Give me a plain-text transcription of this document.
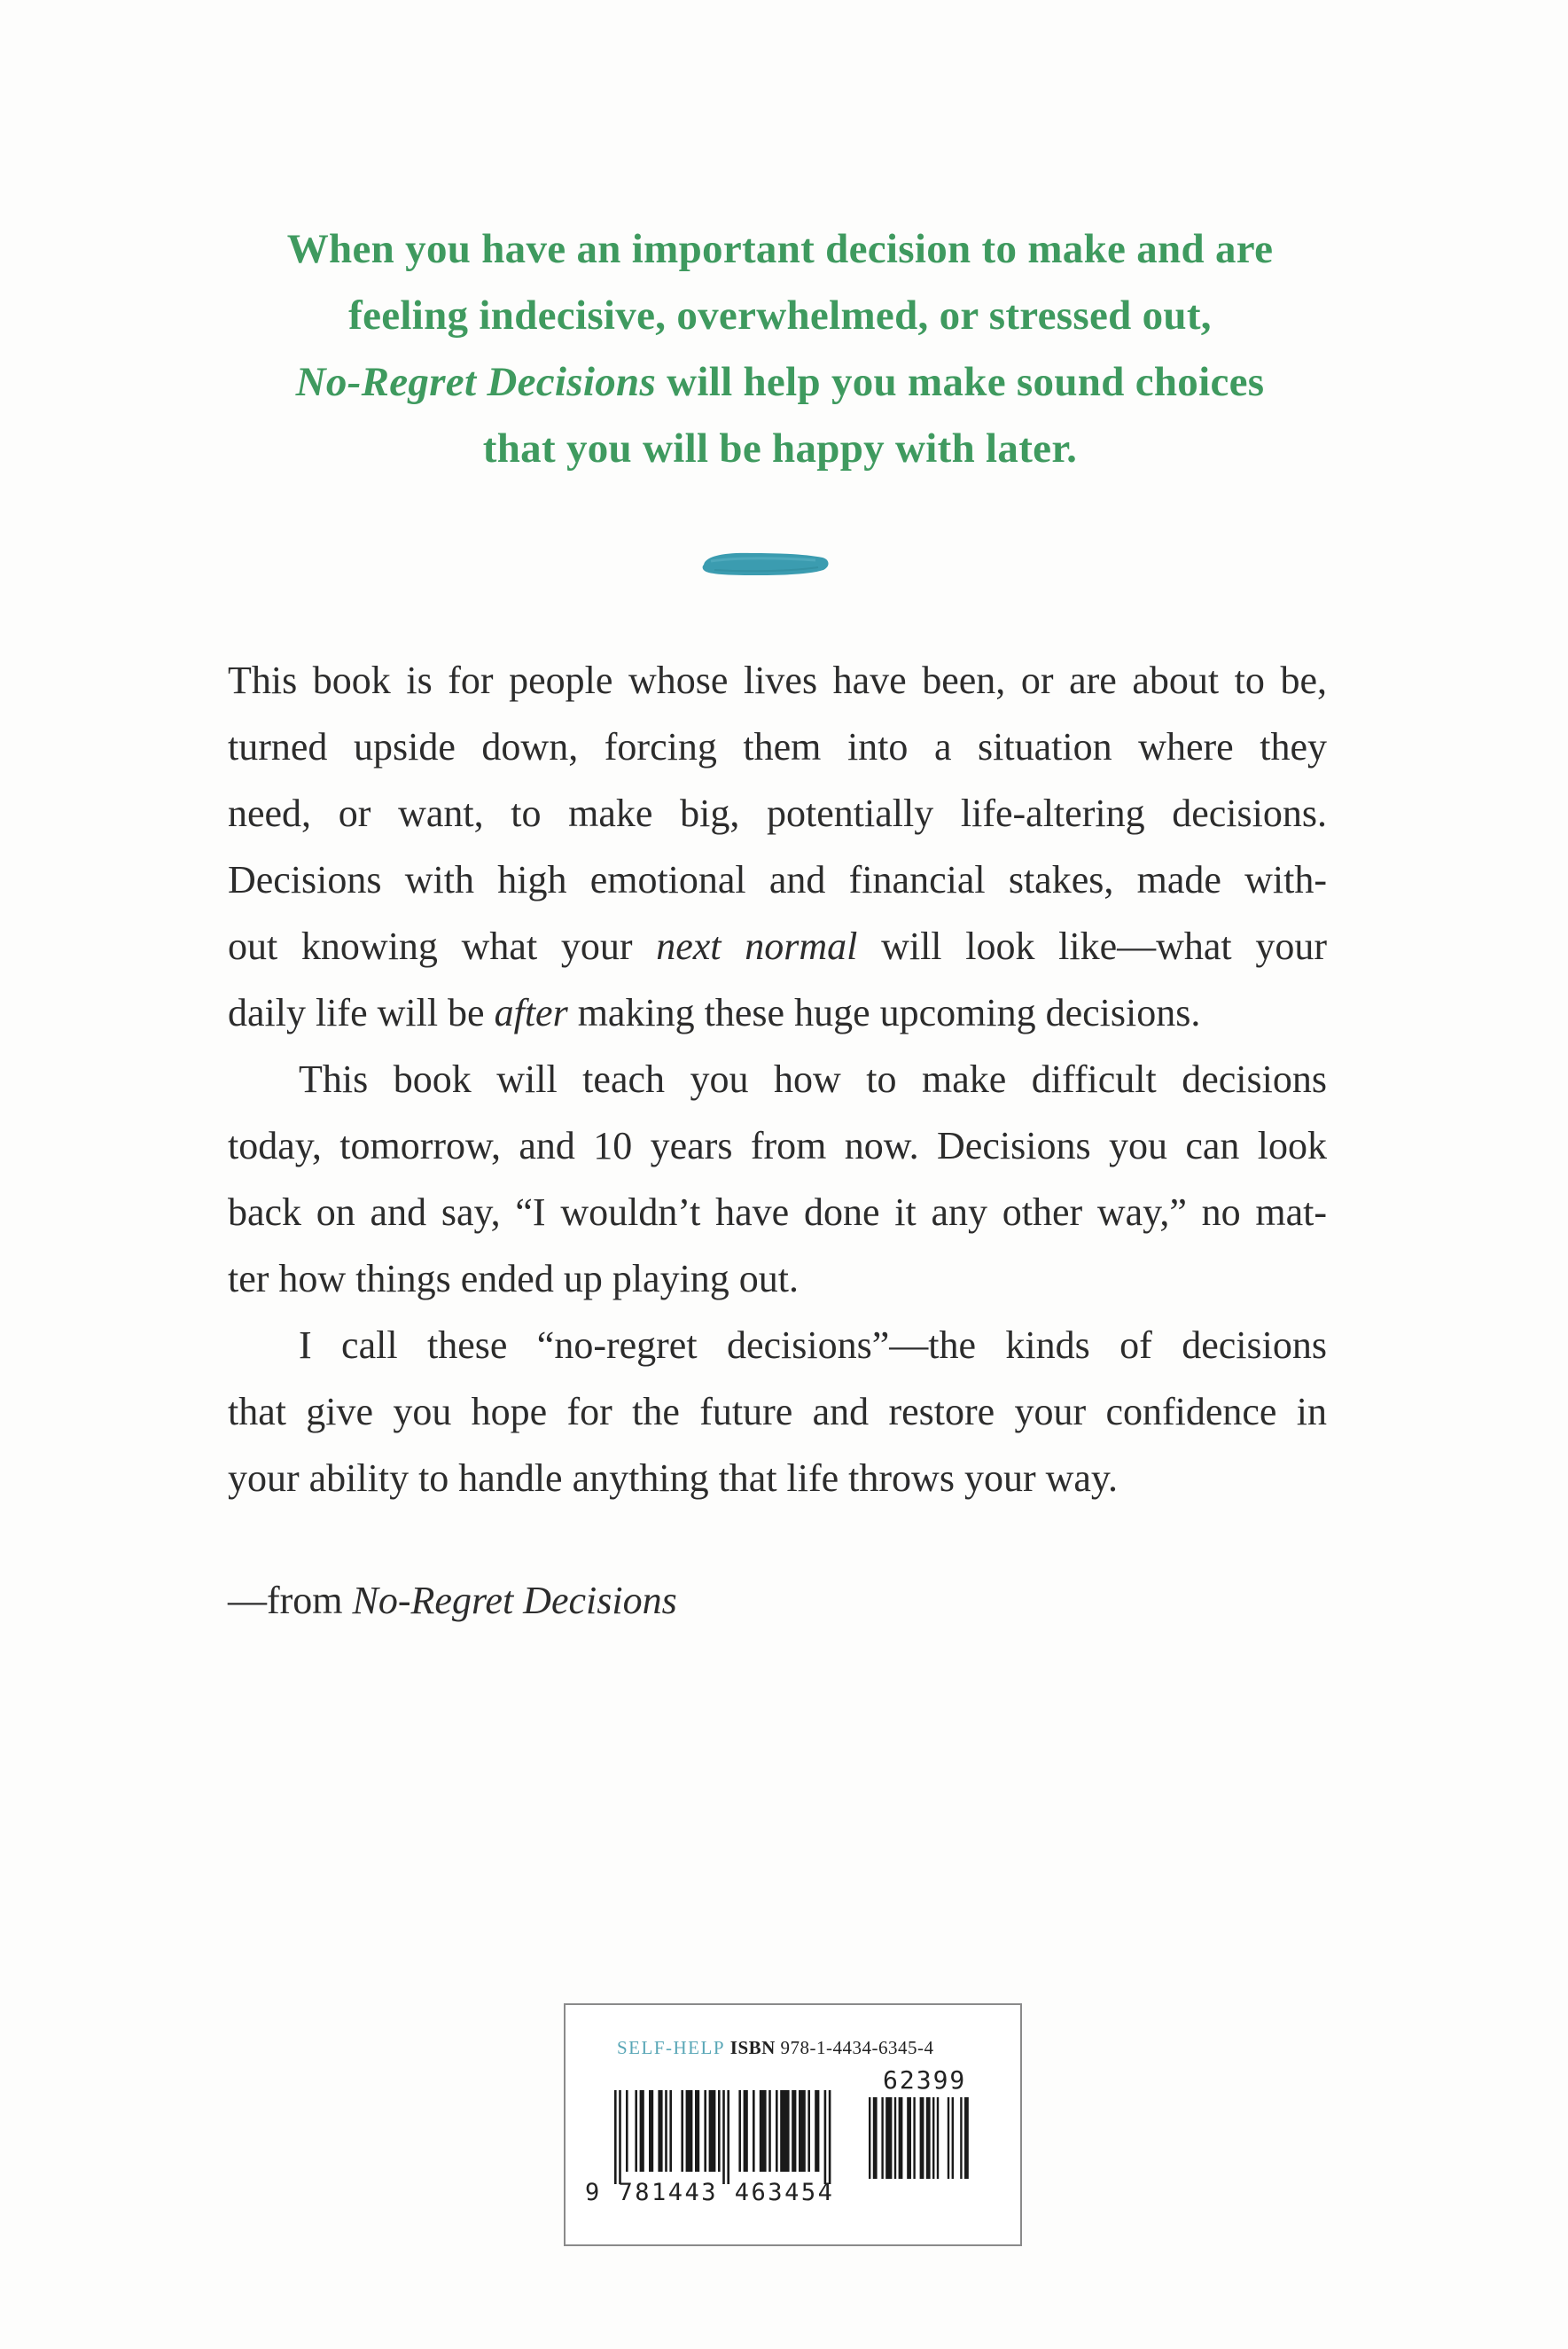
When you have an important decision to make and are
feeling indecisive, overwhelmed, or stressed out,
No-Regret Decisions will help you make sound choices
that you will be happy with later.
This book is for people whose lives have been, or are about to be,
turned upside down, forcing them into a situation where they
need, or want, to make big, potentially life-altering decisions.
Decisions with high emotional and financial stakes, made with-
out knowing what your next normal will look like—what your
daily life will be after making these huge upcoming decisions.
This book will teach you how to make difficult decisions
today, tomorrow, and 10 years from now. Decisions you can look
back on and say, “I wouldn’t have done it any other way,” no mat-
ter how things ended up playing out.
I call these “no-regret decisions”—the kinds of decisions
that give you hope for the future and restore your confidence in
your ability to handle anything that life throws your way.
—from No-Regret Decisions
SELF-HELP ISBN 978-1-4434-6345-4
62399
9 781443 463454
